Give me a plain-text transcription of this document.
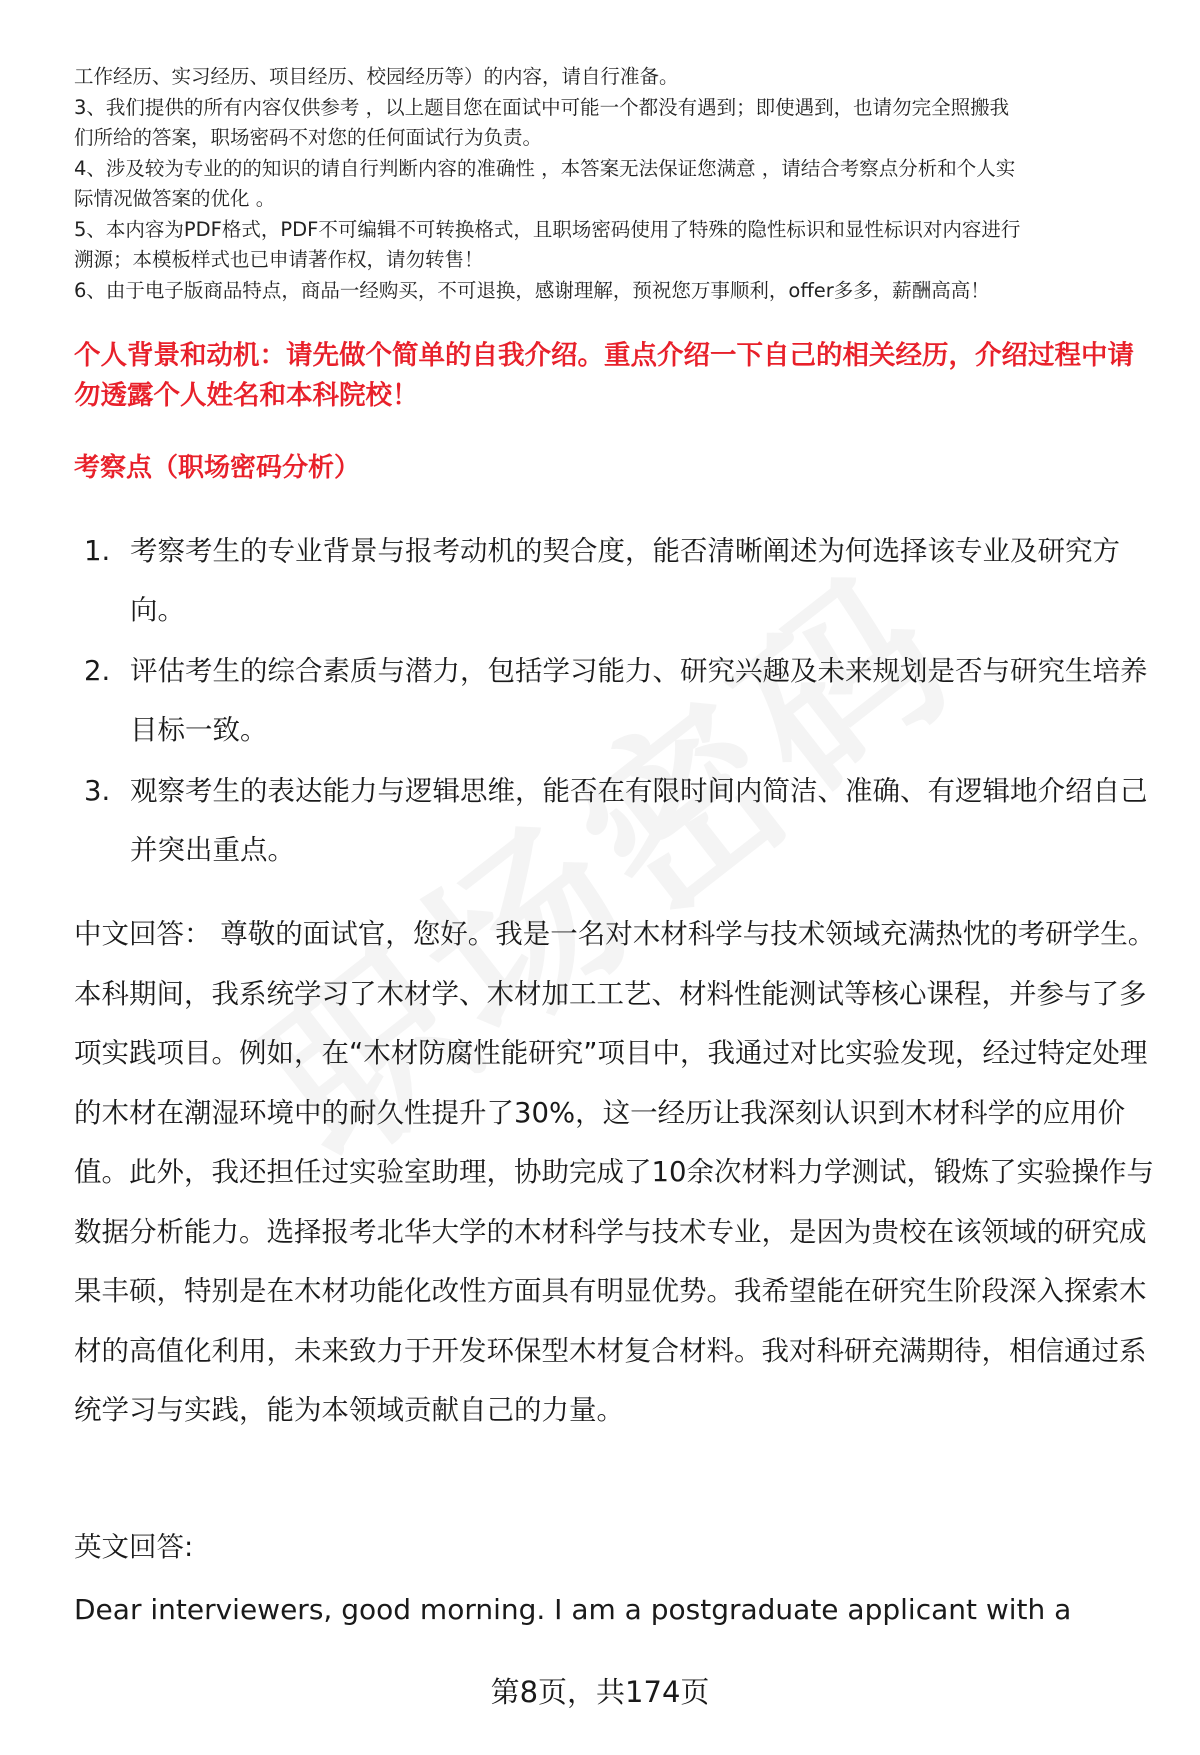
工作经历、实习经历、项目经历、校园经历等）的内容，请自行准备。

3、我们提供的所有内容仅供参考 ，以上题目您在面试中可能一个都没有遇到；即使遇到，也请勿完全照搬我

们所给的答案，职场密码不对您的任何面试行为负责。

4、涉及较为专业的的知识的请自行判断内容的准确性 ，本答案无法保证您满意 ，请结合考察点分析和个人实

际情况做答案的优化 。

5、本内容为PDF格式，PDF不可编辑不可转换格式，且职场密码使用了特殊的隐性标识和显性标识对内容进行

溯源；本模板样式也已申请著作权，请勿转售！

6、由于电子版商品特点，商品一经购买，不可退换，感谢理解，预祝您万事顺利，offer多多，薪酬高高！

个人背景和动机：请先做个简单的自我介绍。重点介绍一下自己的相关经历，介绍过程中请勿透露个人姓名和本科院校！

考察点（职场密码分析）

1. 考察考生的专业背景与报考动机的契合度，能否清晰阐述为何选择该专业及研究方向。
2. 评估考生的综合素质与潜力，包括学习能力、研究兴趣及未来规划是否与研究生培养目标一致。
3. 观察考生的表达能力与逻辑思维，能否在有限时间内简洁、准确、有逻辑地介绍自己并突出重点。

中文回答： 尊敬的面试官，您好。我是一名对木材科学与技术领域充满热忱的考研学生。本科期间，我系统学习了木材学、木材加工工艺、材料性能测试等核心课程，并参与了多项实践项目。例如，在“木材防腐性能研究”项目中，我通过对比实验发现，经过特定处理的木材在潮湿环境中的耐久性提升了30%，这一经历让我深刻认识到木材科学的应用价值。此外，我还担任过实验室助理，协助完成了10余次材料力学测试，锻炼了实验操作与数据分析能力。选择报考北华大学的木材科学与技术专业，是因为贵校在该领域的研究成果丰硕，特别是在木材功能化改性方面具有明显优势。我希望能在研究生阶段深入探索木材的高值化利用，未来致力于开发环保型木材复合材料。我对科研充满期待，相信通过系统学习与实践，能为本领域贡献自己的力量。

英文回答:

Dear interviewers, good morning. I am a postgraduate applicant with a

第8页，共174页
